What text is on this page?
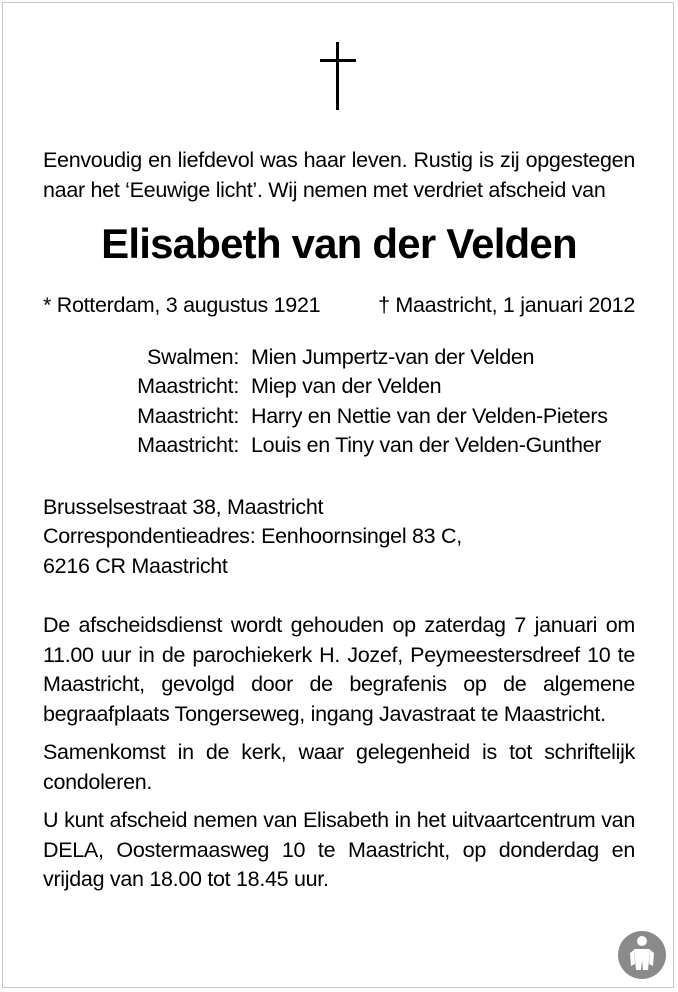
Eenvoudig en liefdevol was haar leven. Rustig is zij opgestegen naar het ‘Eeuwige licht’. Wij nemen met verdriet afscheid van

Elisabeth van der Velden
* Rotterdam, 3 augustus 1921	† Maastricht, 1 januari 2012
Swalmen:	Mien Jumpertz-van der Velden
Maastricht:	Miep van der Velden
Maastricht:	Harry en Nettie van der Velden-Pieters
Maastricht:	Louis en Tiny van der Velden-Gunther
Brusselsestraat 38, Maastricht
Correspondentieadres: Eenhoornsingel 83 C,
6216 CR Maastricht

De afscheidsdienst wordt gehouden op zaterdag 7 januari om 11.00 uur in de parochiekerk H. Jozef, Peymeestersdreef 10 te Maastricht, gevolgd door de begrafenis op de algemene begraafplaats Tongerseweg, ingang Javastraat te Maastricht.

Samenkomst in de kerk, waar gelegenheid is tot schriftelijk condoleren.

U kunt afscheid nemen van Elisabeth in het uitvaartcentrum van DELA, Oostermaasweg 10 te Maastricht, op donderdag en vrijdag van 18.00 tot 18.45 uur.
